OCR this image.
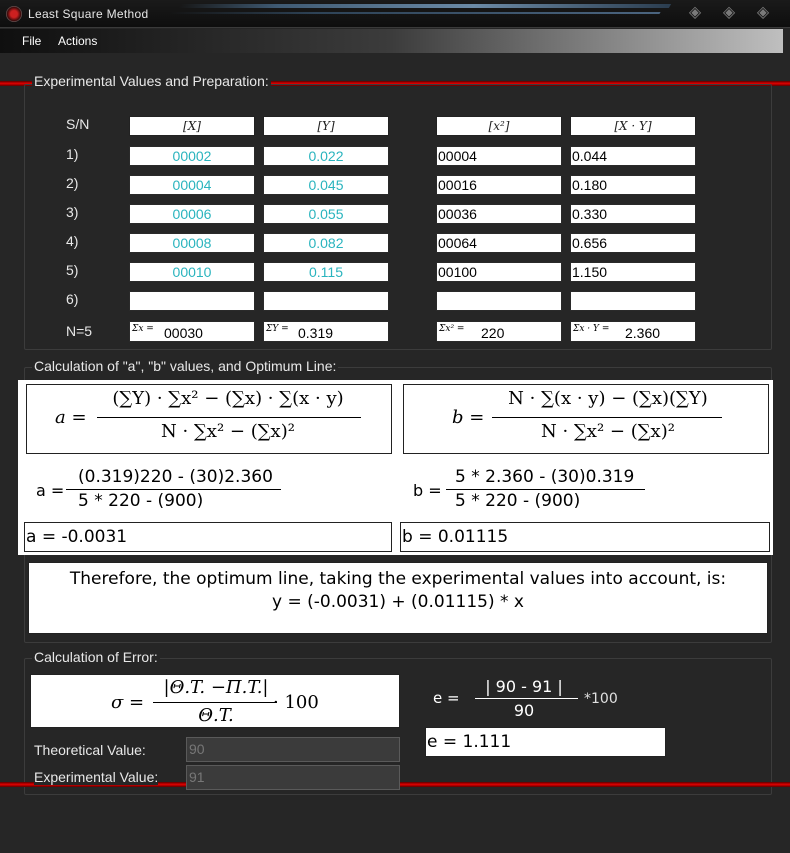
Least Square Method	◈	◈	◈
File Actions
Experimental Values and Preparation:
S/N	[X]	[Y]	[x²]	[X · Y]
1)	00002	0.022	00004	0.044
2)	00004	0.045	00016	0.180
3)	00006	0.055	00036	0.330
4)	00008	0.082	00064	0.656
5)	00010	0.115	00100	1.150
6)
N=5	Σx = 00030	ΣY = 0.319	Σx² = 220	Σx · Y = 2.360
Calculation of "a", "b" values, and Optimum Line:
a =
(∑Y) · ∑x² − (∑x) · ∑(x · y)
N · ∑x² − (∑x)²
b =
N · ∑(x · y) − (∑x)(∑Y)
N · ∑x² − (∑x)²
a =
(0.319)220 - (30)2.360
5 * 220 - (900)
b =
5 * 2.360 - (30)0.319
5 * 220 - (900)
a = -0.0031	b = 0.01115
Therefore, the optimum line, taking the experimental values into account, is:
y = (-0.0031) + (0.01115) * x
Calculation of Error:
σ =
|Θ.T. −Π.T.|
Θ.T.
· 100	e =
| 90 - 91 |
90
*100
Theoretical Value:	90	e = 1.111
Experimental Value: 91
